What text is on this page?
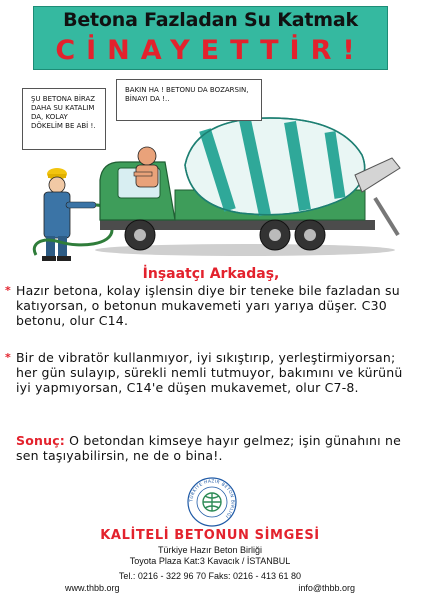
Betona Fazladan Su Katmak
CİNAYETTİR!
ŞU BETONA BİRAZ DAHA SU KATALIM DA, KOLAY DÖKELİM BE ABİ !.
BAKIN HA ! BETONU DA BOZARSIN, BİNAYI DA !..
İnşaatçı Arkadaş,
* Hazır betona, kolay işlensin diye bir teneke bile fazladan su katıyorsan, o betonun mukavemeti yarı yarıya düşer. C30 betonu, olur C14.
* Bir de vibratör kullanmıyor, iyi sıkıştırıp, yerleştirmiyorsan; her gün sulayıp, sürekli nemli tutmuyor, bakımını ve kürünü iyi yapmıyorsan, C14'e düşen mukavemet, olur C7-8.
Sonuç: O betondan kimseye hayır gelmez; işin günahını ne sen taşıyabilirsin, ne de o bina!.
TÜRKİYE HAZIR BETON BİRLİĞİ
KALİTELİ BETONUN SİMGESİ
Türkiye Hazır Beton Birliği
Toyota Plaza Kat:3 Kavacık / İSTANBUL
Tel.: 0216 - 322 96 70 Faks: 0216 - 413 61 80
www.thbb.org	info@thbb.org
